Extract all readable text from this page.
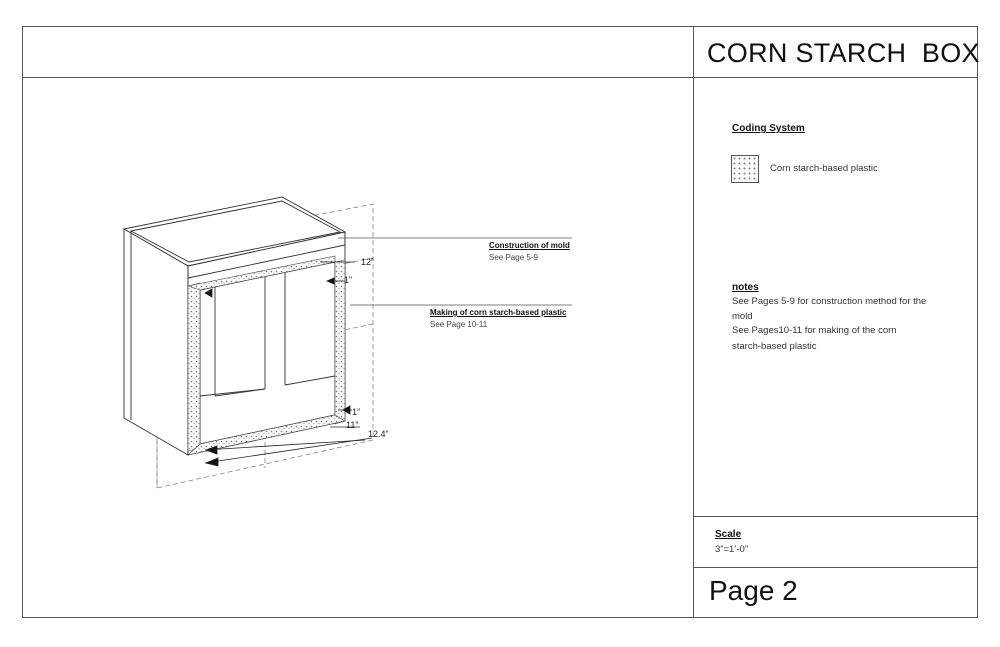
CORN STARCH  BOX
Coding System
Corn starch-based plastic
notes
See Pages 5-9 for construction method for the
mold
See Pages10-11 for making of the corn
starch-based plastic
Scale
3”=1’-0”
Page 2
Construction of mold
See Page 5-9
Making of corn starch-based plastic
See Page 10-11
12”
1”
1”
11”
12.4”
